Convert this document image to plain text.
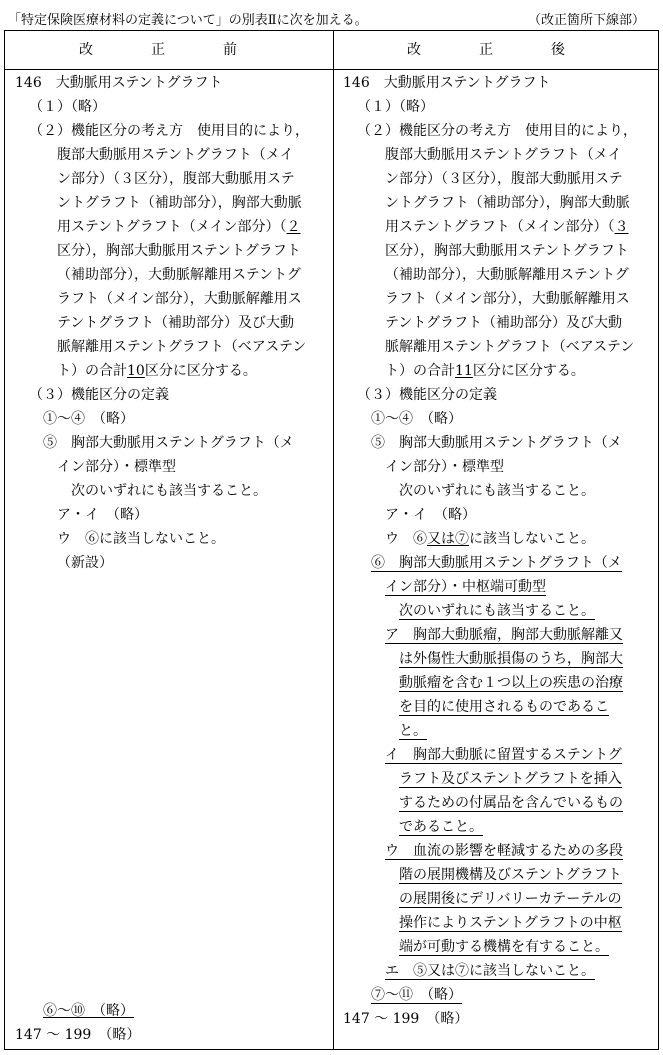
「特定保険医療材料の定義について」の別表Ⅱに次を加える。	（改正箇所下線部）
改　正　前	改　正　後
146　大動脈用ステントグラフト
（１）（略）
（２）機能区分の考え方　使用目的により，
腹部大動脈用ステントグラフト（メイ
ン部分）（３区分），腹部大動脈用ステ
ントグラフト（補助部分），胸部大動脈
用ステントグラフト（メイン部分）（２
区分），胸部大動脈用ステントグラフト
（補助部分），大動脈解離用ステントグ
ラフト（メイン部分），大動脈解離用ス
テントグラフト（補助部分）及び大動
脈解離用ステントグラフト（ベアステン
ト）の合計10区分に区分する。
（３）機能区分の定義
①～④　（略）
⑤　胸部大動脈用ステントグラフト（メ
イン部分）・標準型
次のいずれにも該当すること。
ア・イ　（略）
ウ　⑥に該当しないこと。
（新設）
⑥～⑩　（略）
147 ～ 199　（略）
146　大動脈用ステントグラフト
（１）（略）
（２）機能区分の考え方　使用目的により，
腹部大動脈用ステントグラフト（メイ
ン部分）（３区分），腹部大動脈用ステ
ントグラフト（補助部分），胸部大動脈
用ステントグラフト（メイン部分）（３
区分），胸部大動脈用ステントグラフト
（補助部分），大動脈解離用ステントグ
ラフト（メイン部分），大動脈解離用ス
テントグラフト（補助部分）及び大動
脈解離用ステントグラフト（ベアステン
ト）の合計11区分に区分する。
（３）機能区分の定義
①～④　（略）
⑤　胸部大動脈用ステントグラフト（メ
イン部分）・標準型
次のいずれにも該当すること。
ア・イ　（略）
ウ　⑥又は⑦に該当しないこと。
⑥　胸部大動脈用ステントグラフト（メ
イン部分）・中枢端可動型
次のいずれにも該当すること。
ア　胸部大動脈瘤，胸部大動脈解離又
は外傷性大動脈損傷のうち，胸部大
動脈瘤を含む１つ以上の疾患の治療
を目的に使用されるものであるこ
と。
イ　胸部大動脈に留置するステントグ
ラフト及びステントグラフトを挿入
するための付属品を含んでいるもの
であること。
ウ　血流の影響を軽減するための多段
階の展開機構及びステントグラフト
の展開後にデリバリーカテーテルの
操作によりステントグラフトの中枢
端が可動する機構を有すること。
エ　⑤又は⑦に該当しないこと。
⑦～⑪　（略）
147 ～ 199　（略）
